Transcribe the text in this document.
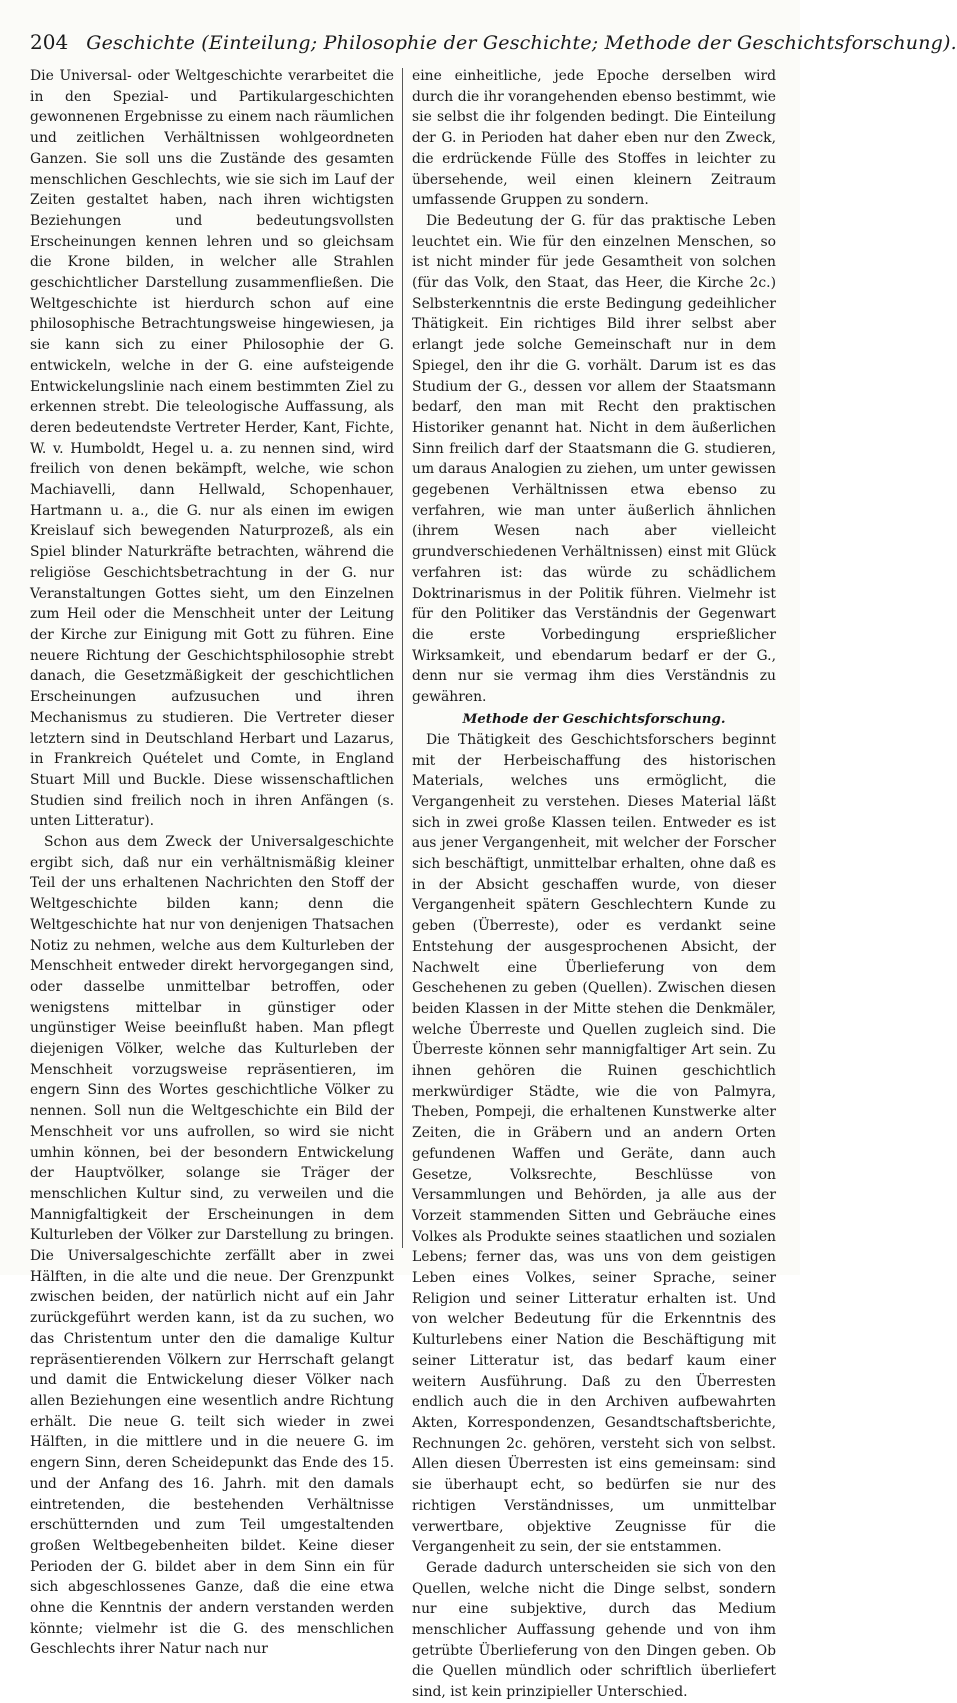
204 Geschichte (Einteilung; Philosophie der Geschichte; Methode der Geschichtsforschung).

Die Universal- oder Weltgeschichte verarbeitet die in den Spezial- und Partikulargeschichten gewonnenen Ergebnisse zu einem nach räumlichen und zeitlichen Verhältnissen wohlgeordneten Ganzen. Sie soll uns die Zustände des gesamten menschlichen Geschlechts, wie sie sich im Lauf der Zeiten gestaltet haben, nach ihren wichtigsten Beziehungen und bedeutungsvollsten Erscheinungen kennen lehren und so gleichsam die Krone bilden, in welcher alle Strahlen geschichtlicher Darstellung zusammenfließen. Die Weltgeschichte ist hierdurch schon auf eine philosophische Betrachtungsweise hingewiesen, ja sie kann sich zu einer Philosophie der G. entwickeln, welche in der G. eine aufsteigende Entwickelungslinie nach einem bestimmten Ziel zu erkennen strebt. Die teleologische Auffassung, als deren bedeutendste Vertreter Herder, Kant, Fichte, W. v. Humboldt, Hegel u. a. zu nennen sind, wird freilich von denen bekämpft, welche, wie schon Machiavelli, dann Hellwald, Schopenhauer, Hartmann u. a., die G. nur als einen im ewigen Kreislauf sich bewegenden Naturprozeß, als ein Spiel blinder Naturkräfte betrachten, während die religiöse Geschichtsbetrachtung in der G. nur Veranstaltungen Gottes sieht, um den Einzelnen zum Heil oder die Menschheit unter der Leitung der Kirche zur Einigung mit Gott zu führen. Eine neuere Richtung der Geschichtsphilosophie strebt danach, die Gesetzmäßigkeit der geschichtlichen Erscheinungen aufzusuchen und ihren Mechanismus zu studieren. Die Vertreter dieser letztern sind in Deutschland Herbart und Lazarus, in Frankreich Quételet und Comte, in England Stuart Mill und Buckle. Diese wissenschaftlichen Studien sind freilich noch in ihren Anfängen (s. unten Litteratur).

Schon aus dem Zweck der Universalgeschichte ergibt sich, daß nur ein verhältnismäßig kleiner Teil der uns erhaltenen Nachrichten den Stoff der Weltgeschichte bilden kann; denn die Weltgeschichte hat nur von denjenigen Thatsachen Notiz zu nehmen, welche aus dem Kulturleben der Menschheit entweder direkt hervorgegangen sind, oder dasselbe unmittelbar betroffen, oder wenigstens mittelbar in günstiger oder ungünstiger Weise beeinflußt haben. Man pflegt diejenigen Völker, welche das Kulturleben der Menschheit vorzugsweise repräsentieren, im engern Sinn des Wortes geschichtliche Völker zu nennen. Soll nun die Weltgeschichte ein Bild der Menschheit vor uns aufrollen, so wird sie nicht umhin können, bei der besondern Entwickelung der Hauptvölker, solange sie Träger der menschlichen Kultur sind, zu verweilen und die Mannigfaltigkeit der Erscheinungen in dem Kulturleben der Völker zur Darstellung zu bringen. Die Universalgeschichte zerfällt aber in zwei Hälften, in die alte und die neue. Der Grenzpunkt zwischen beiden, der natürlich nicht auf ein Jahr zurückgeführt werden kann, ist da zu suchen, wo das Christentum unter den die damalige Kultur repräsentierenden Völkern zur Herrschaft gelangt und damit die Entwickelung dieser Völker nach allen Beziehungen eine wesentlich andre Richtung erhält. Die neue G. teilt sich wieder in zwei Hälften, in die mittlere und in die neuere G. im engern Sinn, deren Scheidepunkt das Ende des 15. und der Anfang des 16. Jahrh. mit den damals eintretenden, die bestehenden Verhältnisse erschütternden und zum Teil umgestaltenden großen Weltbegebenheiten bildet. Keine dieser Perioden der G. bildet aber in dem Sinn ein für sich abgeschlossenes Ganze, daß die eine etwa ohne die Kenntnis der andern verstanden werden könnte; vielmehr ist die G. des menschlichen Geschlechts ihrer Natur nach nur

eine einheitliche, jede Epoche derselben wird durch die ihr vorangehenden ebenso bestimmt, wie sie selbst die ihr folgenden bedingt. Die Einteilung der G. in Perioden hat daher eben nur den Zweck, die erdrückende Fülle des Stoffes in leichter zu übersehende, weil einen kleinern Zeitraum umfassende Gruppen zu sondern.

Die Bedeutung der G. für das praktische Leben leuchtet ein. Wie für den einzelnen Menschen, so ist nicht minder für jede Gesamtheit von solchen (für das Volk, den Staat, das Heer, die Kirche 2c.) Selbsterkenntnis die erste Bedingung gedeihlicher Thätigkeit. Ein richtiges Bild ihrer selbst aber erlangt jede solche Gemeinschaft nur in dem Spiegel, den ihr die G. vorhält. Darum ist es das Studium der G., dessen vor allem der Staatsmann bedarf, den man mit Recht den praktischen Historiker genannt hat. Nicht in dem äußerlichen Sinn freilich darf der Staatsmann die G. studieren, um daraus Analogien zu ziehen, um unter gewissen gegebenen Verhältnissen etwa ebenso zu verfahren, wie man unter äußerlich ähnlichen (ihrem Wesen nach aber vielleicht grundverschiedenen Verhältnissen) einst mit Glück verfahren ist: das würde zu schädlichem Doktrinarismus in der Politik führen. Vielmehr ist für den Politiker das Verständnis der Gegenwart die erste Vorbedingung ersprießlicher Wirksamkeit, und ebendarum bedarf er der G., denn nur sie vermag ihm dies Verständnis zu gewähren.

Methode der Geschichtsforschung.

Die Thätigkeit des Geschichtsforschers beginnt mit der Herbeischaffung des historischen Materials, welches uns ermöglicht, die Vergangenheit zu verstehen. Dieses Material läßt sich in zwei große Klassen teilen. Entweder es ist aus jener Vergangenheit, mit welcher der Forscher sich beschäftigt, unmittelbar erhalten, ohne daß es in der Absicht geschaffen wurde, von dieser Vergangenheit spätern Geschlechtern Kunde zu geben (Überreste), oder es verdankt seine Entstehung der ausgesprochenen Absicht, der Nachwelt eine Überlieferung von dem Geschehenen zu geben (Quellen). Zwischen diesen beiden Klassen in der Mitte stehen die Denkmäler, welche Überreste und Quellen zugleich sind. Die Überreste können sehr mannigfaltiger Art sein. Zu ihnen gehören die Ruinen geschichtlich merkwürdiger Städte, wie die von Palmyra, Theben, Pompeji, die erhaltenen Kunstwerke alter Zeiten, die in Gräbern und an andern Orten gefundenen Waffen und Geräte, dann auch Gesetze, Volksrechte, Beschlüsse von Versammlungen und Behörden, ja alle aus der Vorzeit stammenden Sitten und Gebräuche eines Volkes als Produkte seines staatlichen und sozialen Lebens; ferner das, was uns von dem geistigen Leben eines Volkes, seiner Sprache, seiner Religion und seiner Litteratur erhalten ist. Und von welcher Bedeutung für die Erkenntnis des Kulturlebens einer Nation die Beschäftigung mit seiner Litteratur ist, das bedarf kaum einer weitern Ausführung. Daß zu den Überresten endlich auch die in den Archiven aufbewahrten Akten, Korrespondenzen, Gesandtschaftsberichte, Rechnungen 2c. gehören, versteht sich von selbst. Allen diesen Überresten ist eins gemeinsam: sind sie überhaupt echt, so bedürfen sie nur des richtigen Verständnisses, um unmittelbar verwertbare, objektive Zeugnisse für die Vergangenheit zu sein, der sie entstammen.

Gerade dadurch unterscheiden sie sich von den Quellen, welche nicht die Dinge selbst, sondern nur eine subjektive, durch das Medium menschlicher Auffassung gehende und von ihm getrübte Überlieferung von den Dingen geben. Ob die Quellen mündlich oder schriftlich überliefert sind, ist kein prinzipieller Unterschied.
